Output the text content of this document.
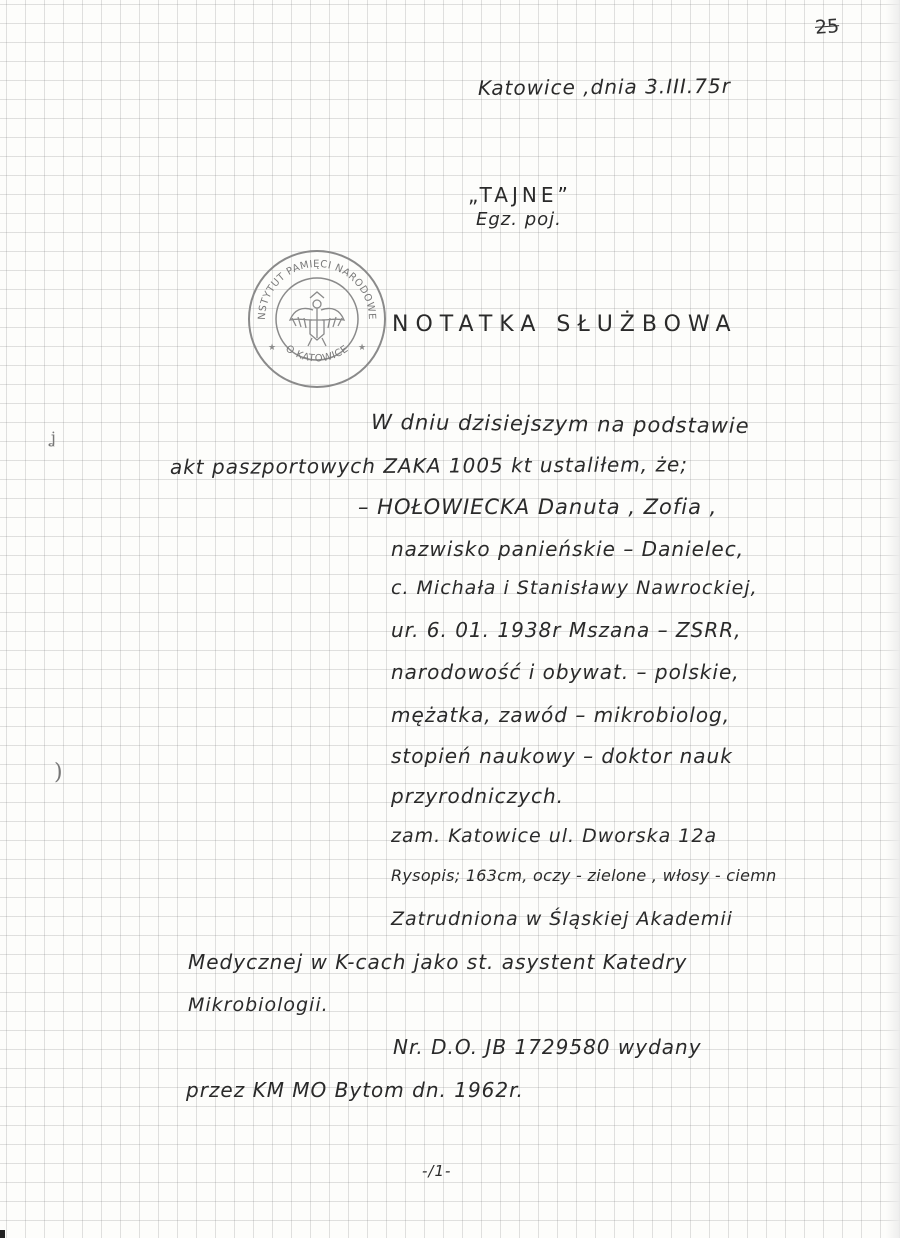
25
Katowice ,dnia 3.III.75r
„TAJNE”
Egz. poj.
NSTYTUT PAMIĘCI NARODOWE
O KATOWICE
★	★
NOTATKA SŁUŻBOWA
W dniu dzisiejszym na podstawie
akt paszportowych ZAKA 1005 kt ustaliłem, że;
– HOŁOWIECKA Danuta , Zofia ,
nazwisko panieńskie – Danielec,
c. Michała i Stanisławy Nawrockiej,
ur. 6. 01. 1938r Mszana – ZSRR,
narodowość i obywat. – polskie,
mężatka, zawód – mikrobiolog,
stopień naukowy – doktor nauk
przyrodniczych.
zam. Katowice ul. Dworska 12a
Rysopis; 163cm, oczy - zielone , włosy - ciemn
Zatrudniona w Śląskiej Akademii
Medycznej w K-cach jako st. asystent Katedry
Mikrobiologii.
Nr. D.O. JB 1729580 wydany
przez KM MO Bytom dn. 1962r.
-/1-
)
ʝ
